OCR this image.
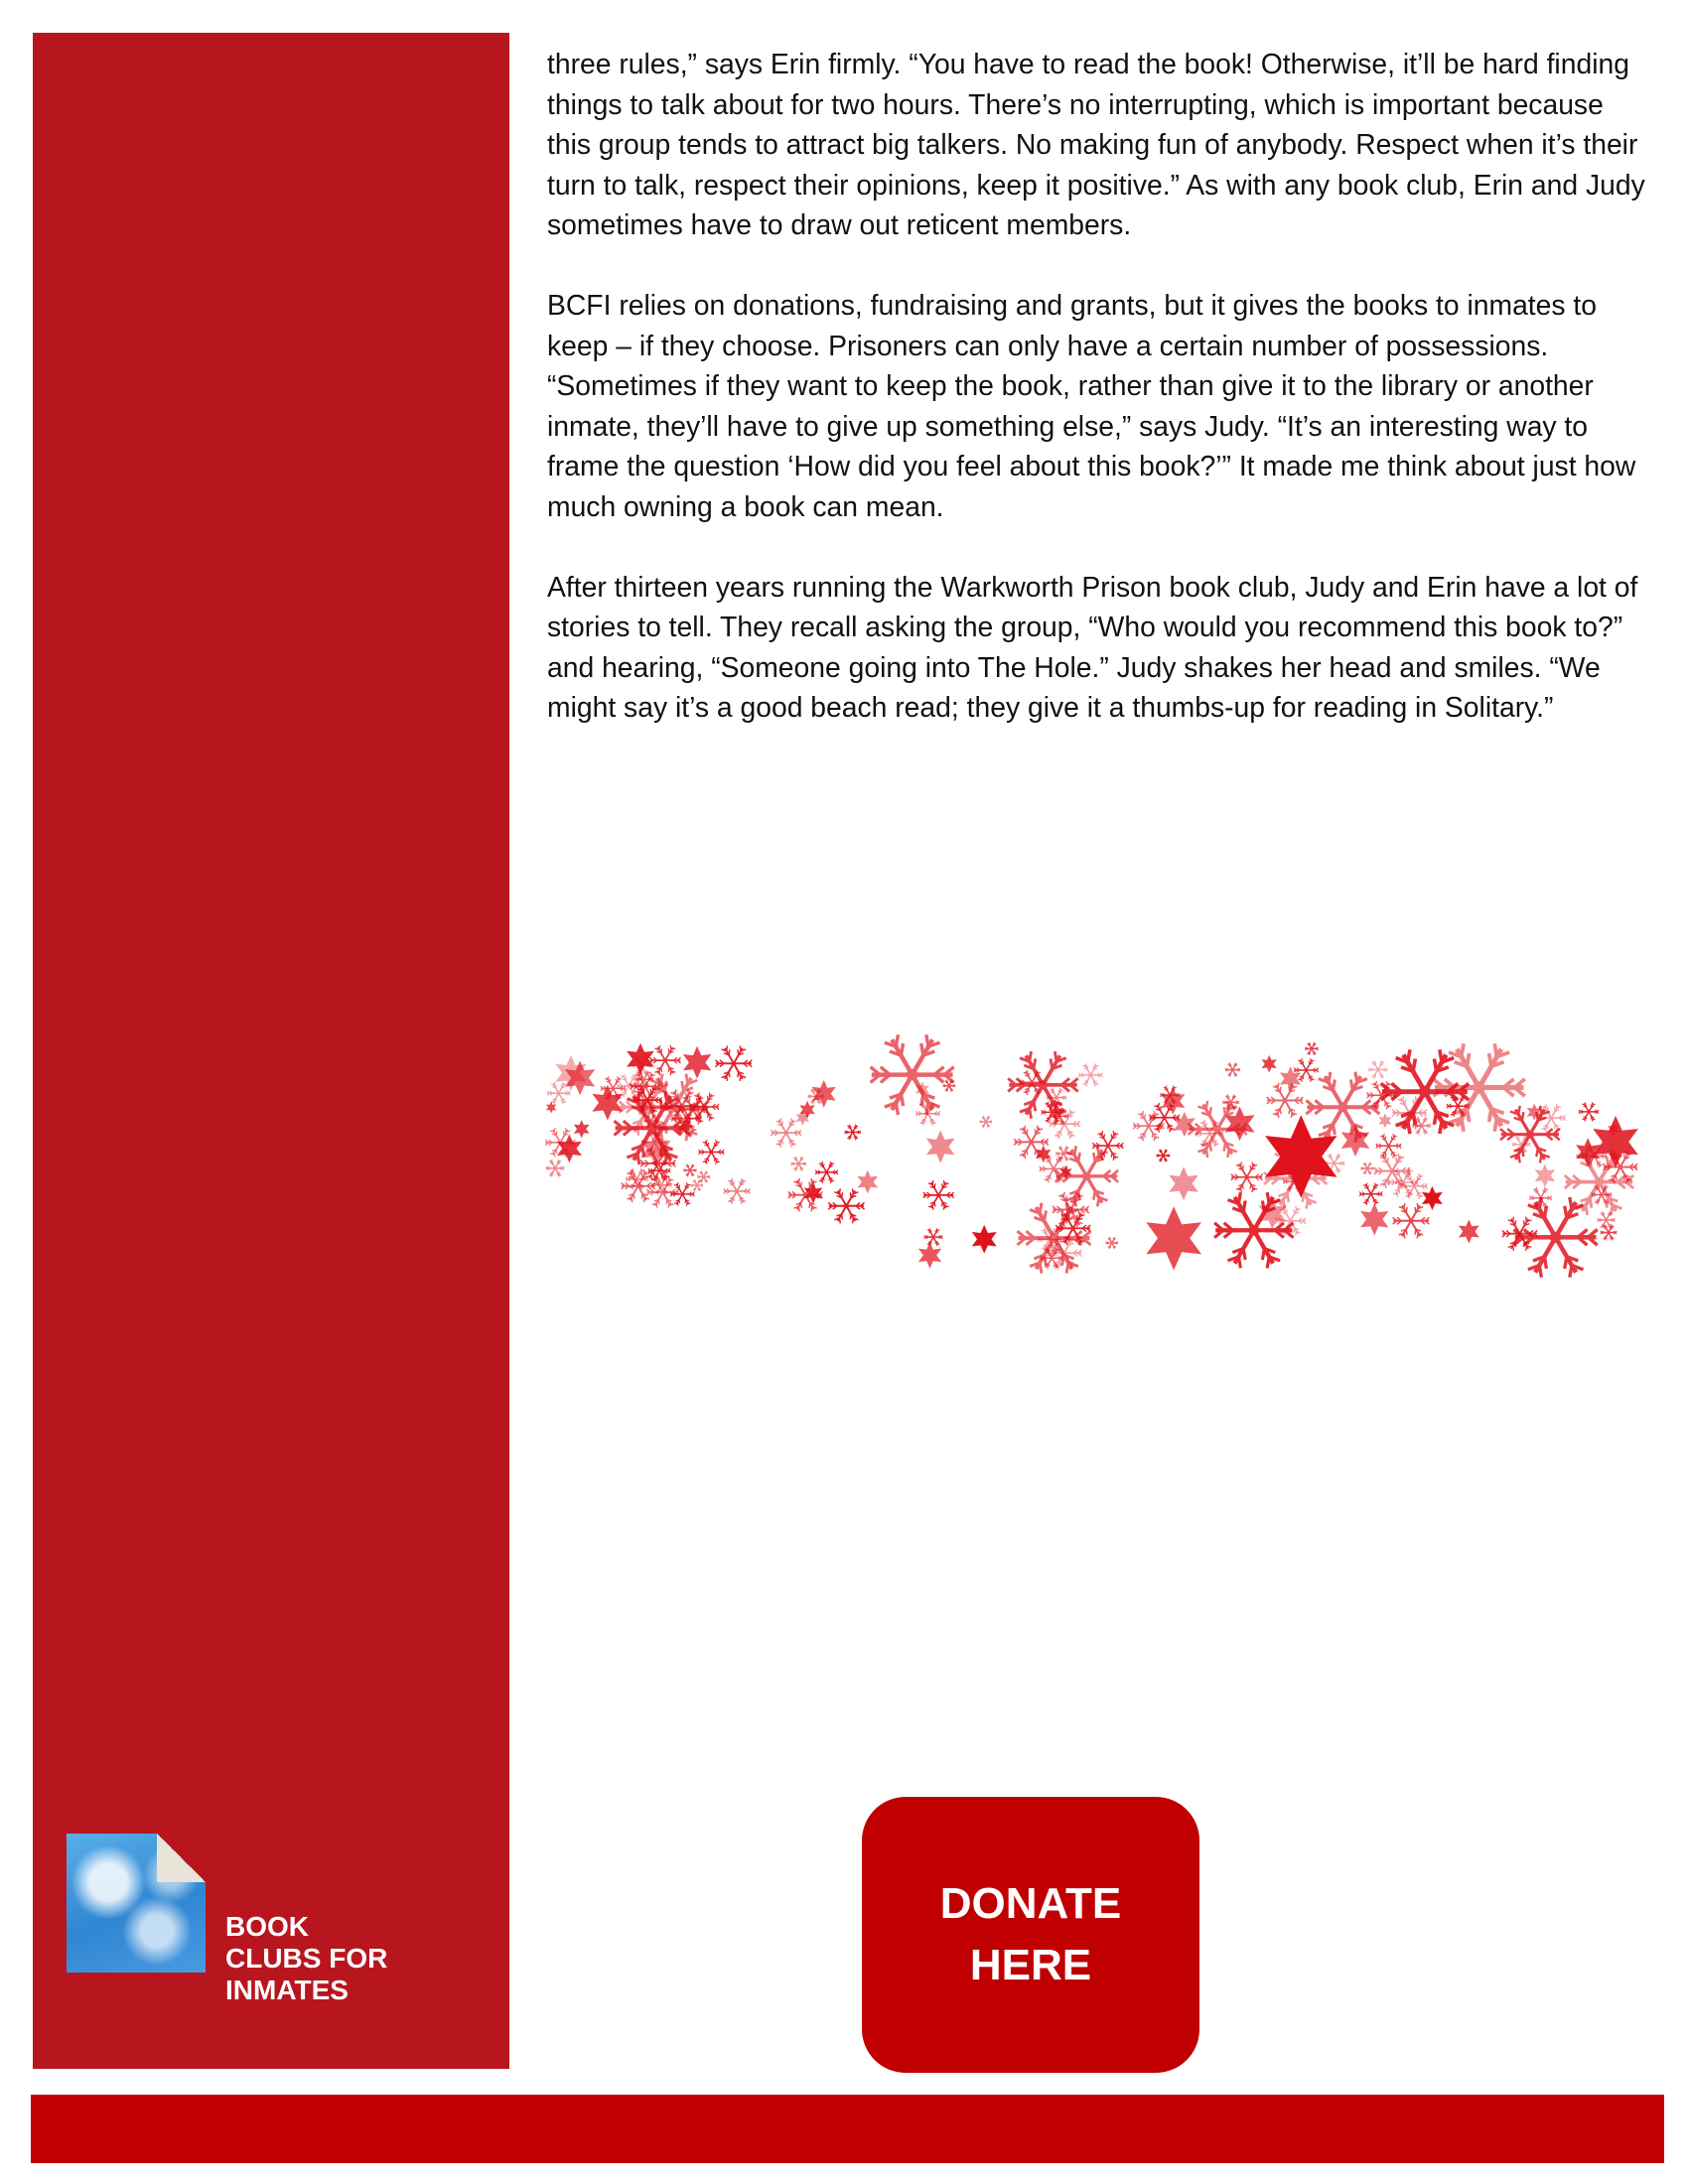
BOOK
CLUBS FOR
INMATES

three rules,” says Erin firmly. “You have to read the book! Otherwise, it’ll be hard finding things to talk about for two hours. There’s no interrupting, which is important because this group tends to attract big talkers. No making fun of anybody. Respect when it’s their turn to talk, respect their opinions, keep it positive.” As with any book club, Erin and Judy sometimes have to draw out reticent members.

BCFI relies on donations, fundraising and grants, but it gives the books to inmates to keep – if they choose. Prisoners can only have a certain number of possessions. “Sometimes if they want to keep the book, rather than give it to the library or another inmate, they’ll have to give up something else,” says Judy. “It’s an interesting way to frame the question ‘How did you feel about this book?’” It made me think about just how much owning a book can mean.

After thirteen years running the Warkworth Prison book club, Judy and Erin have a lot of stories to tell. They recall asking the group, “Who would you recommend this book to?” and hearing, “Someone going into The Hole.” Judy shakes her head and smiles. “We might say it’s a good beach read; they give it a thumbs-up for reading in Solitary.”

DONATE
HERE
